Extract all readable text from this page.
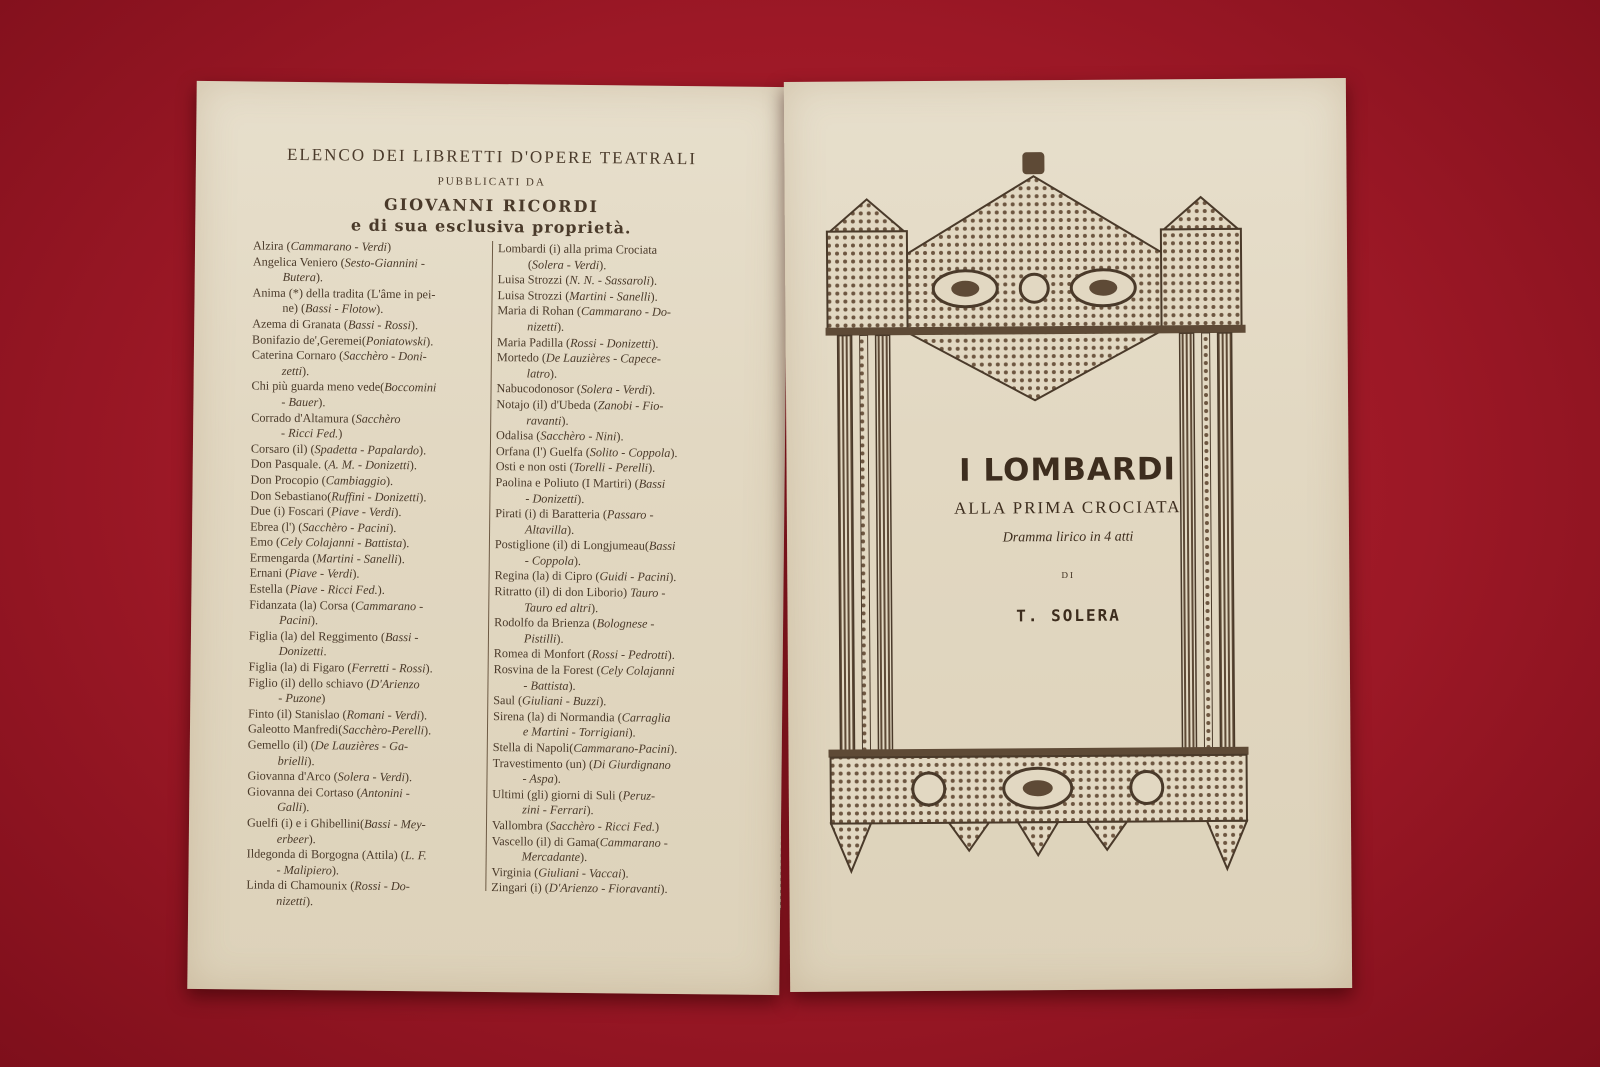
ELENCO DEI LIBRETTI D'OPERE TEATRALI
PUBBLICATI DA
GIOVANNI RICORDI
e di sua esclusiva proprietà.
Alzira (Cammarano - Verdi)
Angelica Veniero (Sesto-Giannini -
Butera).
Anima (*) della tradita (L'âme in pei-
ne) (Bassi - Flotow).
Azema di Granata (Bassi - Rossi).
Bonifazio de',Geremei(Poniatowski).
Caterina Cornaro (Sacchèro - Doni-
zetti).
Chi più guarda meno vede(Boccomini
- Bauer).
Corrado d'Altamura (Sacchèro
- Ricci Fed.)
Corsaro (il) (Spadetta - Papalardo).
Don Pasquale. (A. M. - Donizetti).
Don Procopio (Cambiaggio).
Don Sebastiano(Ruffini - Donizetti).
Due (i) Foscari (Piave - Verdi).
Ebrea (l') (Sacchèro - Pacini).
Emo (Cely Colajanni - Battista).
Ermengarda (Martini - Sanelli).
Ernani (Piave - Verdi).
Estella (Piave - Ricci Fed.).
Fidanzata (la) Corsa (Cammarano -
Pacini).
Figlia (la) del Reggimento (Bassi -
Donizetti.
Figlia (la) di Figaro (Ferretti - Rossi).
Figlio (il) dello schiavo (D'Arienzo
- Puzone)
Finto (il) Stanislao (Romani - Verdi).
Galeotto Manfredi(Sacchèro-Perelli).
Gemello (il) (De Lauzières - Ga-
brielli).
Giovanna d'Arco (Solera - Verdi).
Giovanna dei Cortaso (Antonini -
Galli).
Guelfi (i) e i Ghibellini(Bassi - Mey-
erbeer).
Ildegonda di Borgogna (Attila) (L. F.
- Malipiero).
Linda di Chamounix (Rossi - Do-
nizetti).
Lombardi (i) alla prima Crociata
(Solera - Verdi).
Luisa Strozzi (N. N. - Sassaroli).
Luisa Strozzi (Martini - Sanelli).
Maria di Rohan (Cammarano - Do-
nizetti).
Maria Padilla (Rossi - Donizetti).
Mortedo (De Lauzières - Capece-
latro).
Nabucodonosor (Solera - Verdi).
Notajo (il) d'Ubeda (Zanobi - Fio-
ravanti).
Odalisa (Sacchèro - Nini).
Orfana (l') Guelfa (Solito - Coppola).
Osti e non osti (Torelli - Perelli).
Paolina e Poliuto (I Martiri) (Bassi
- Donizetti).
Pirati (i) di Baratteria (Passaro -
Altavilla).
Postiglione (il) di Longjumeau(Bassi
- Coppola).
Regina (la) di Cipro (Guidi - Pacini).
Ritratto (il) di don Liborio) Tauro -
Tauro ed altri).
Rodolfo da Brienza (Bolognese -
Pistilli).
Romea di Monfort (Rossi - Pedrotti).
Rosvina de la Forest (Cely Colajanni
- Battista).
Saul (Giuliani - Buzzi).
Sirena (la) di Normandia (Carraglia
e Martini - Torrigiani).
Stella di Napoli(Cammarano-Pacini).
Travestimento (un) (Di Giurdignano
- Aspa).
Ultimi (gli) giorni di Suli (Peruz-
zini - Ferrari).
Vallombra (Sacchèro - Ricci Fed.)
Vascello (il) di Gama(Cammarano -
Mercadante).
Virginia (Giuliani - Vaccai).
Zingari (i) (D'Arienzo - Fioravanti).
I LOMBARDI
ALLA PRIMA CROCIATA
Dramma lirico in 4 atti
DI
T. SOLERA
